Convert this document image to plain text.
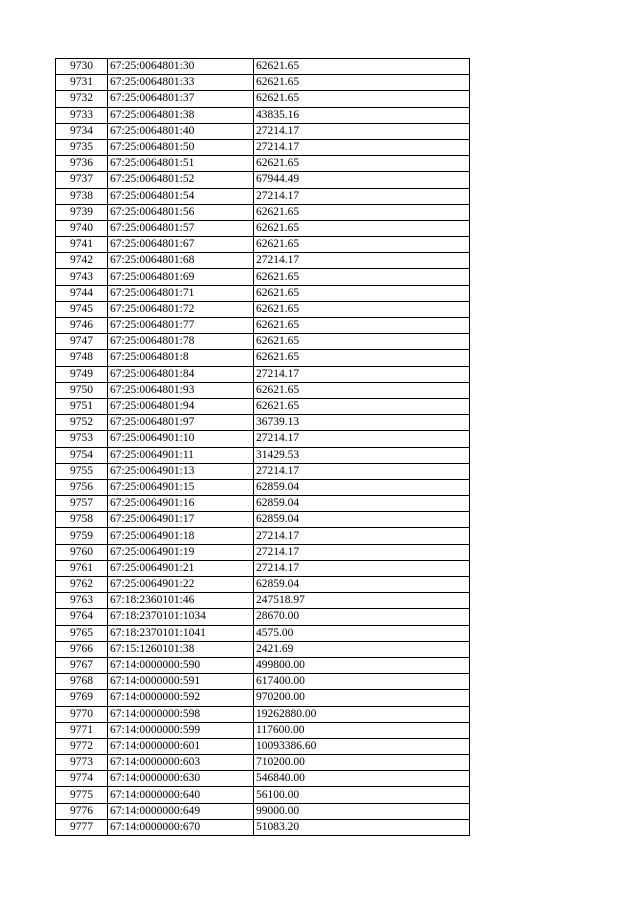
9730	67:25:0064801:30	62621.65
9731	67:25:0064801:33	62621.65
9732	67:25:0064801:37	62621.65
9733	67:25:0064801:38	43835.16
9734	67:25:0064801:40	27214.17
9735	67:25:0064801:50	27214.17
9736	67:25:0064801:51	62621.65
9737	67:25:0064801:52	67944.49
9738	67:25:0064801:54	27214.17
9739	67:25:0064801:56	62621.65
9740	67:25:0064801:57	62621.65
9741	67:25:0064801:67	62621.65
9742	67:25:0064801:68	27214.17
9743	67:25:0064801:69	62621.65
9744	67:25:0064801:71	62621.65
9745	67:25:0064801:72	62621.65
9746	67:25:0064801:77	62621.65
9747	67:25:0064801:78	62621.65
9748	67:25:0064801:8	62621.65
9749	67:25:0064801:84	27214.17
9750	67:25:0064801:93	62621.65
9751	67:25:0064801:94	62621.65
9752	67:25:0064801:97	36739.13
9753	67:25:0064901:10	27214.17
9754	67:25:0064901:11	31429.53
9755	67:25:0064901:13	27214.17
9756	67:25:0064901:15	62859.04
9757	67:25:0064901:16	62859.04
9758	67:25:0064901:17	62859.04
9759	67:25:0064901:18	27214.17
9760	67:25:0064901:19	27214.17
9761	67:25:0064901:21	27214.17
9762	67:25:0064901:22	62859.04
9763	67:18:2360101:46	247518.97
9764	67:18:2370101:1034	28670.00
9765	67:18:2370101:1041	4575.00
9766	67:15:1260101:38	2421.69
9767	67:14:0000000:590	499800.00
9768	67:14:0000000:591	617400.00
9769	67:14:0000000:592	970200.00
9770	67:14:0000000:598	19262880.00
9771	67:14:0000000:599	117600.00
9772	67:14:0000000:601	10093386.60
9773	67:14:0000000:603	710200.00
9774	67:14:0000000:630	546840.00
9775	67:14:0000000:640	56100.00
9776	67:14:0000000:649	99000.00
9777	67:14:0000000:670	51083.20
